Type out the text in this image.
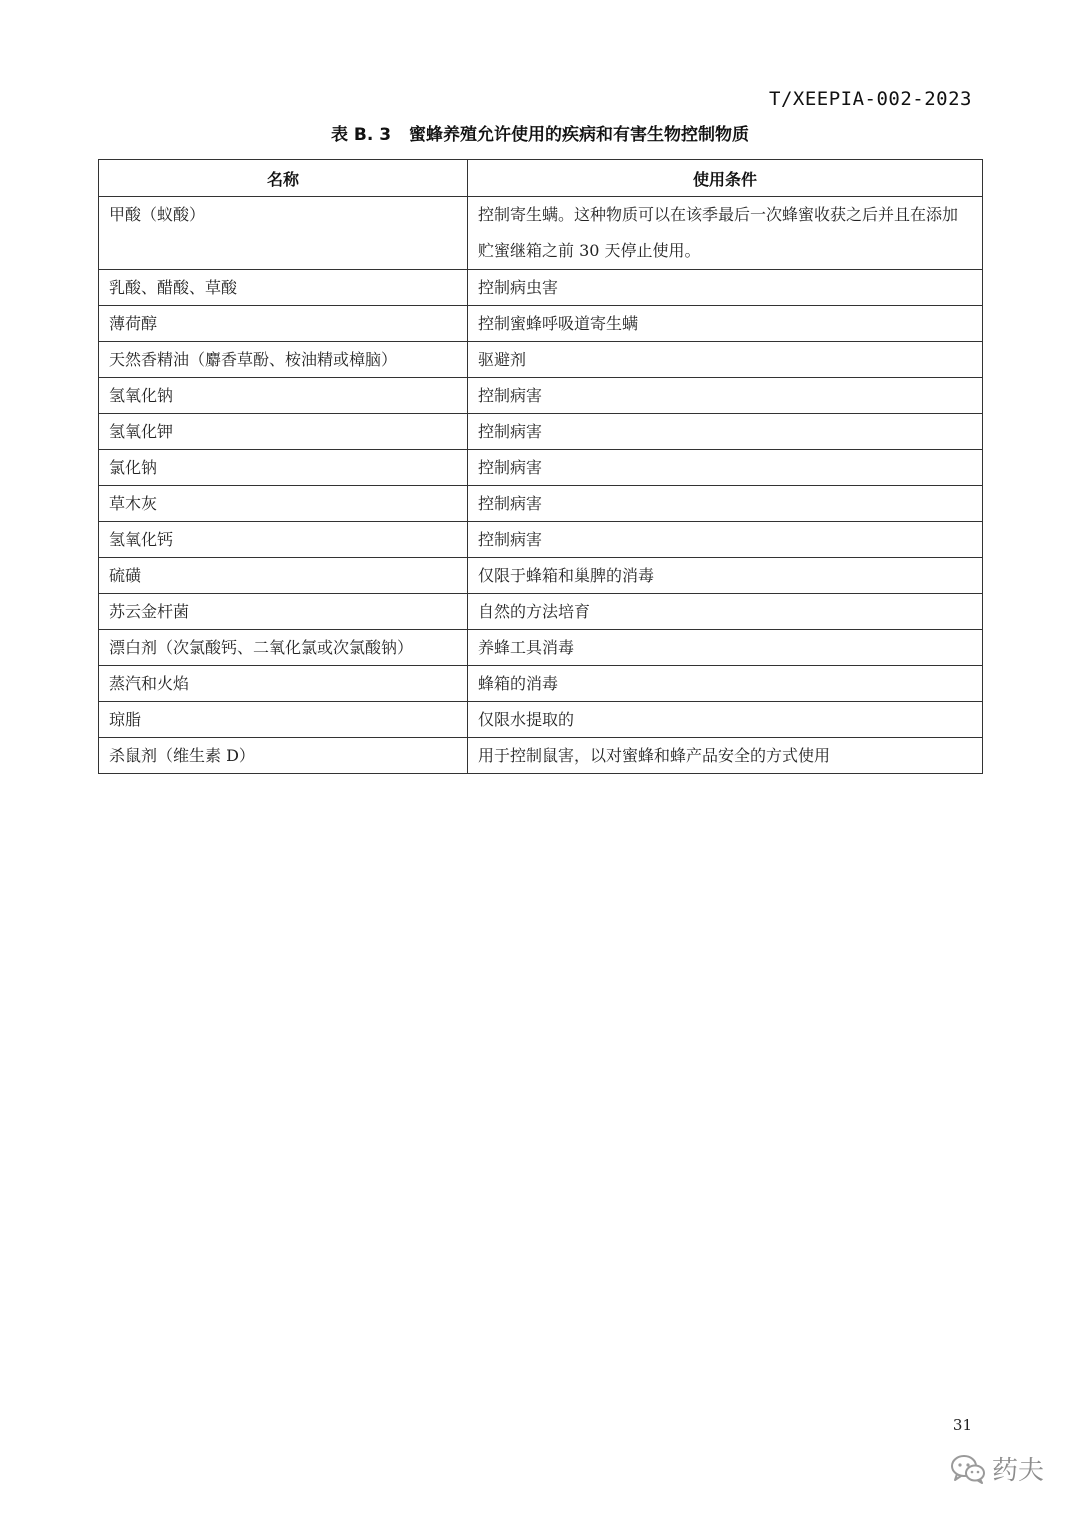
T/XEEPIA-002-2023
表 B. 3 蜜蜂养殖允许使用的疾病和有害生物控制物质
名称	使用条件
甲酸（蚁酸）	控制寄生螨。这种物质可以在该季最后一次蜂蜜收获之后并且在添加贮蜜继箱之前 30 天停止使用。
乳酸、醋酸、草酸	控制病虫害
薄荷醇	控制蜜蜂呼吸道寄生螨
天然香精油（麝香草酚、桉油精或樟脑）	驱避剂
氢氧化钠	控制病害
氢氧化钾	控制病害
氯化钠	控制病害
草木灰	控制病害
氢氧化钙	控制病害
硫磺	仅限于蜂箱和巢脾的消毒
苏云金杆菌	自然的方法培育
漂白剂（次氯酸钙、二氧化氯或次氯酸钠）	养蜂工具消毒
蒸汽和火焰	蜂箱的消毒
琼脂	仅限水提取的
杀鼠剂（维生素 D）	用于控制鼠害，以对蜜蜂和蜂产品安全的方式使用
31
药夫
